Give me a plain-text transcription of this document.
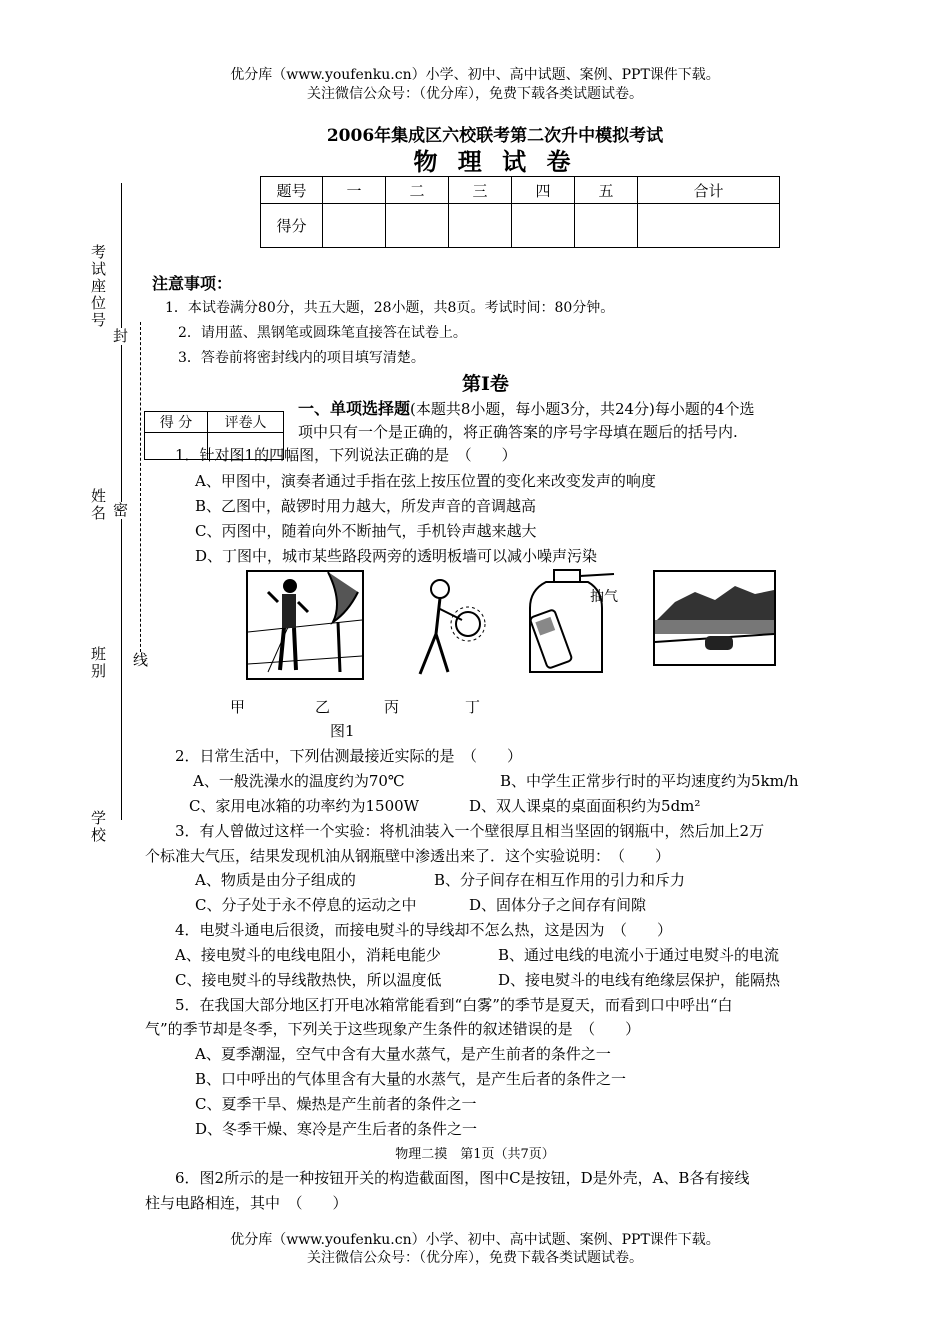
优分库（www.youfenku.cn）小学、初中、高中试题、案例、PPT课件下载。
关注微信公众号：（优分库），免费下载各类试题试卷。
2006年集成区六校联考第二次升中模拟考试
物 理 试 卷
题号	一	二	三	四	五	合计
得分						
考试座位号
姓名
班别
学校
封
密
线
注意事项：
1．本试卷满分80分，共五大题，28小题，共8页。考试时间：80分钟。
2．请用蓝、黑钢笔或圆珠笔直接答在试卷上。
3．答卷前将密封线内的项目填写清楚。
第Ⅰ卷
得 分	评卷人

一、单项选择题(本题共8小题，每小题3分，共24分)每小题的4个选
项中只有一个是正确的，将正确答案的序号字母填在题后的括号内.
1．针对图1的四幅图，下列说法正确的是　（　　）
A、甲图中，演奏者通过手指在弦上按压位置的变化来改变发声的响度
B、乙图中，敲锣时用力越大，所发声音的音调越高
C、丙图中，随着向外不断抽气，手机铃声越来越大
D、丁图中，城市某些路段两旁的透明板墙可以减小噪声污染
抽气
甲	乙	丙	丁
图1
2．日常生活中，下列估测最接近实际的是　（　　）
A、一般洗澡水的温度约为70℃	B、中学生正常步行时的平均速度约为5km/h
C、家用电冰箱的功率约为1500W	D、双人课桌的桌面面积约为5dm²
3．有人曾做过这样一个实验：将机油装入一个壁很厚且相当坚固的钢瓶中，然后加上2万
个标准大气压，结果发现机油从钢瓶壁中渗透出来了．这个实验说明：　（　　）
A、物质是由分子组成的	B、分子间存在相互作用的引力和斥力
C、分子处于永不停息的运动之中	D、固体分子之间存有间隙
4．电熨斗通电后很烫，而接电熨斗的导线却不怎么热，这是因为　（　　）
A、接电熨斗的电线电阻小，消耗电能少	B、通过电线的电流小于通过电熨斗的电流
C、接电熨斗的导线散热快，所以温度低	D、接电熨斗的电线有绝缘层保护，能隔热
5．在我国大部分地区打开电冰箱常能看到“白雾”的季节是夏天，而看到口中呼出“白
气”的季节却是冬季，下列关于这些现象产生条件的叙述错误的是　（　　）
A、夏季潮湿，空气中含有大量水蒸气，是产生前者的条件之一
B、口中呼出的气体里含有大量的水蒸气，是产生后者的条件之一
C、夏季干旱、燥热是产生前者的条件之一
D、冬季干燥、寒冷是产生后者的条件之一
物理二摸　第1页（共7页）
6．图2所示的是一种按钮开关的构造截面图，图中C是按钮，D是外壳，A、B各有接线
柱与电路相连，其中　（　　）
优分库（www.youfenku.cn）小学、初中、高中试题、案例、PPT课件下载。
关注微信公众号：（优分库），免费下载各类试题试卷。
